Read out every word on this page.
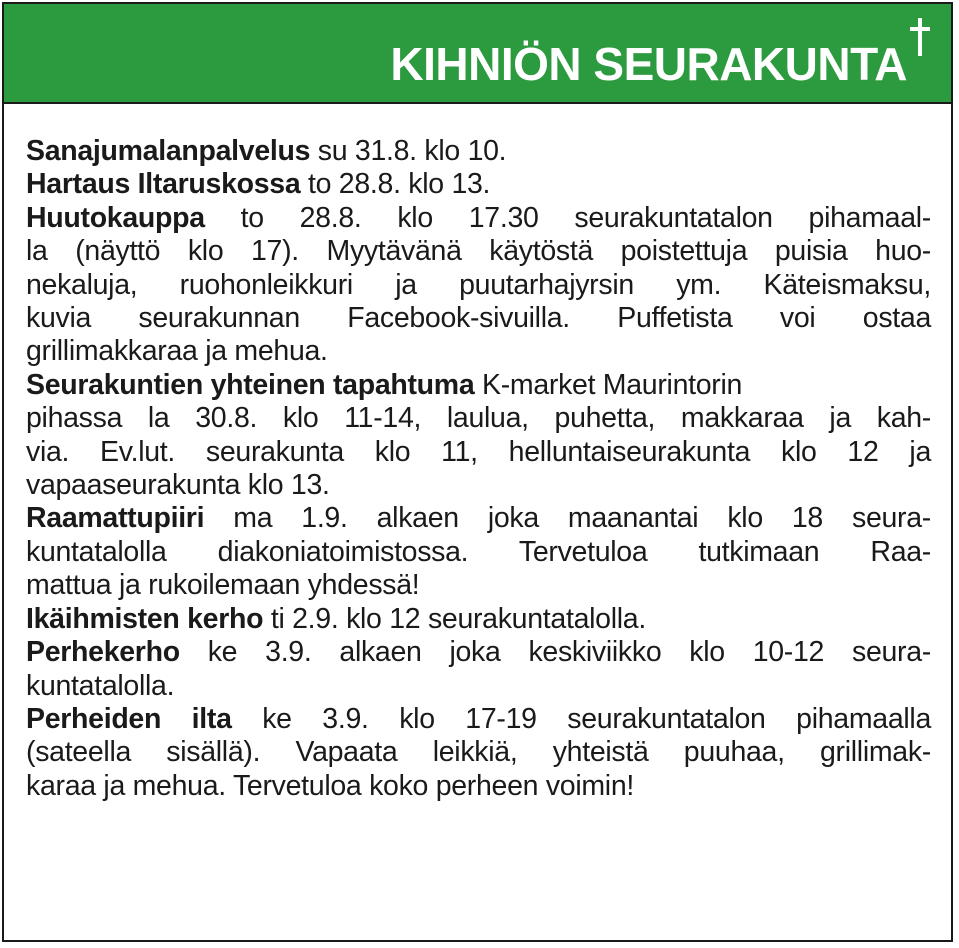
KIHNIÖN SEURAKUNTA

Sanajumalanpalvelus su 31.8. klo 10.

Hartaus Iltaruskossa to 28.8. klo 13.

Huutokauppa to 28.8. klo 17.30 seurakuntatalon pihamaal-
la (näyttö klo 17). Myytävänä käytöstä poistettuja puisia huo-
nekaluja, ruohonleikkuri ja puutarhajyrsin ym. Käteismaksu,
kuvia seurakunnan Facebook-sivuilla. Puffetista voi ostaa
grillimakkaraa ja mehua.

Seurakuntien yhteinen tapahtuma K-market Maurintorin
pihassa la 30.8. klo 11-14, laulua, puhetta, makkaraa ja kah-
via. Ev.lut. seurakunta klo 11, helluntaiseurakunta klo 12 ja
vapaaseurakunta klo 13.

Raamattupiiri ma 1.9. alkaen joka maanantai klo 18 seura-
kuntatalolla diakoniatoimistossa. Tervetuloa tutkimaan Raa-
mattua ja rukoilemaan yhdessä!

Ikäihmisten kerho ti 2.9. klo 12 seurakuntatalolla.

Perhekerho ke 3.9. alkaen joka keskiviikko klo 10-12 seura-
kuntatalolla.

Perheiden ilta ke 3.9. klo 17-19 seurakuntatalon pihamaalla
(sateella sisällä). Vapaata leikkiä, yhteistä puuhaa, grillimak-
karaa ja mehua. Tervetuloa koko perheen voimin!
